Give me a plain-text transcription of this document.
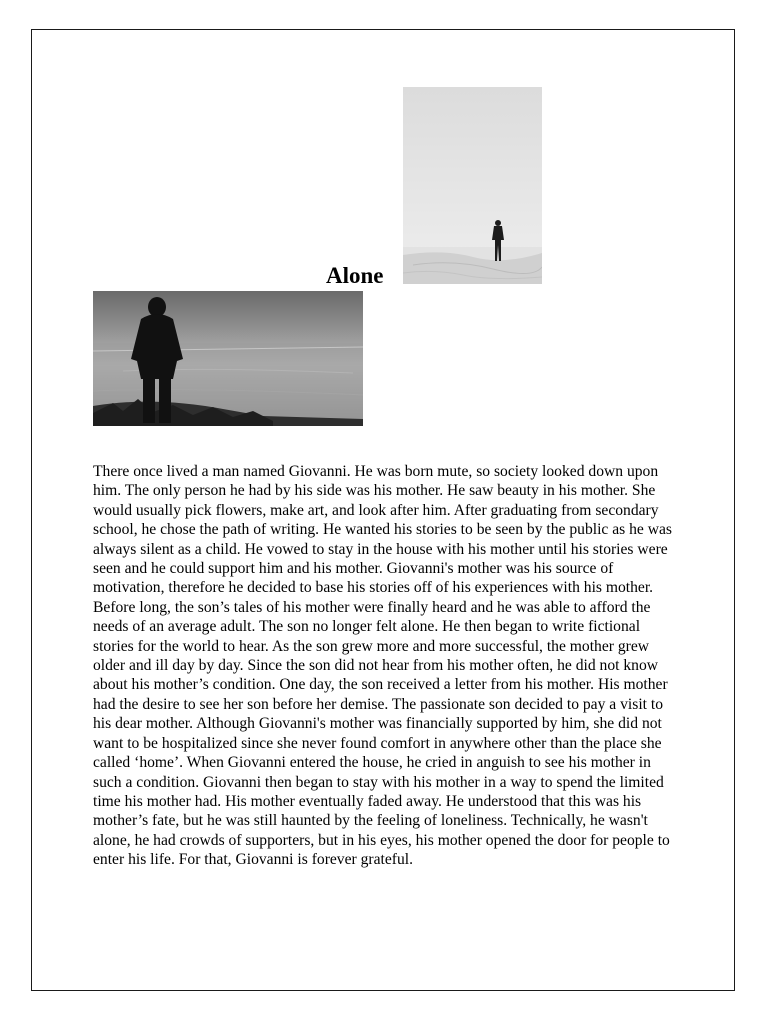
Alone

There once lived a man named Giovanni. He was born mute, so society looked down upon him. The only person he had by his side was his mother. He saw beauty in his mother. She would usually pick flowers, make art, and look after him. After graduating from secondary school, he chose the path of writing. He wanted his stories to be seen by the public as he was always silent as a child. He vowed to stay in the house with his mother until his stories were seen and he could support him and his mother. Giovanni's mother was his source of motivation, therefore he decided to base his stories off of his experiences with his mother. Before long, the son’s tales of his mother were finally heard and he was able to afford the needs of an average adult. The son no longer felt alone. He then began to write fictional stories for the world to hear. As the son grew more and more successful, the mother grew older and ill day by day. Since the son did not hear from his mother often, he did not know about his mother’s condition. One day, the son received a letter from his mother. His mother had the desire to see her son before her demise. The passionate son decided to pay a visit to his dear mother. Although Giovanni's mother was financially supported by him, she did not want to be hospitalized since she never found comfort in anywhere other than the place she called ‘home’. When Giovanni entered the house, he cried in anguish to see his mother in such a condition. Giovanni then began to stay with his mother in a way to spend the limited time his mother had. His mother eventually faded away. He understood that this was his mother’s fate, but he was still haunted by the feeling of loneliness. Technically, he wasn't alone, he had crowds of supporters, but in his eyes, his mother opened the door for people to enter his life. For that, Giovanni is forever grateful.
